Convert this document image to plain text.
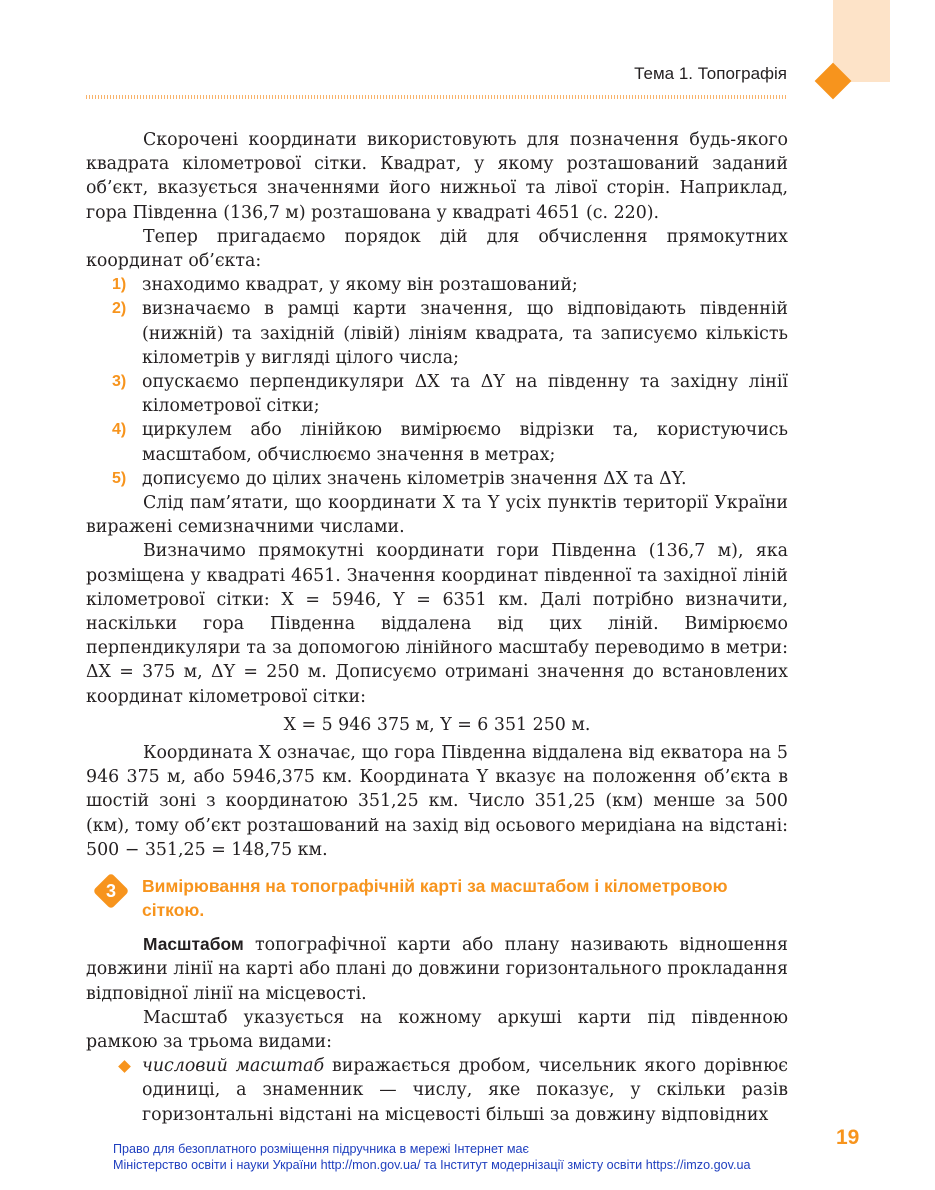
Тема 1. Топографія

Скорочені координати використовують для позначення будь-якого квадрата кілометрової сітки. Квадрат, у якому розташований заданий об’єкт, вказується значеннями його нижньої та лівої сторін. Наприклад, гора Південна (136,7 м) розташована у квадраті 4651 (с. 220).

Тепер пригадаємо порядок дій для обчислення прямокутних координат об’єкта:

1) знаходимо квадрат, у якому він розташований;
2) визначаємо в рамці карти значення, що відповідають південній (нижній) та західній (лівій) лініям квадрата, та записуємо кількість кілометрів у вигляді цілого числа;
3) опускаємо перпендикуляри ΔX та ΔY на південну та західну лінії кілометрової сітки;
4) циркулем або лінійкою вимірюємо відрізки та, користуючись масштабом, обчислюємо значення в метрах;
5) дописуємо до цілих значень кілометрів значення ΔX та ΔY.

Слід пам’ятати, що координати X та Y усіх пунктів території України виражені семизначними числами.

Визначимо прямокутні координати гори Південна (136,7 м), яка розміщена у квадраті 4651. Значення координат південної та західної ліній кілометрової сітки: X = 5946, Y = 6351 км. Далі потрібно визначити, наскільки гора Південна віддалена від цих ліній. Вимірюємо перпендикуляри та за допомогою лінійного масштабу переводимо в метри: ΔX = 375 м, ΔY = 250 м. Дописуємо отримані значення до встановлених координат кілометрової сітки:

X = 5 946 375 м, Y = 6 351 250 м.

Координата X означає, що гора Південна віддалена від екватора на 5 946 375 м, або 5946,375 км. Координата Y вказує на положення об’єкта в шостій зоні з координатою 351,25 км. Число 351,25 (км) менше за 500 (км), тому об’єкт розташований на захід від осьового меридіана на відстані: 500 − 351,25 = 148,75 км.

3	Вимірювання на топографічній карті за масштабом і кілометровою сіткою.

Масштабом топографічної карти або плану називають відношення довжини лінії на карті або плані до довжини горизонтального прокладання відповідної лінії на місцевості.

Масштаб указується на кожному аркуші карти під південною рамкою за трьома видами:

числовий масштаб виражається дробом, чисельник якого дорівнює одиниці, а знаменник — числу, яке показує, у скільки разів горизонтальні відстані на місцевості більші за довжину відповідних
19
Право для безоплатного розміщення підручника в мережі Інтернет має
Міністерство освіти і науки України http://mon.gov.ua/ та Інститут модернізації змісту освіти https://imzo.gov.ua
